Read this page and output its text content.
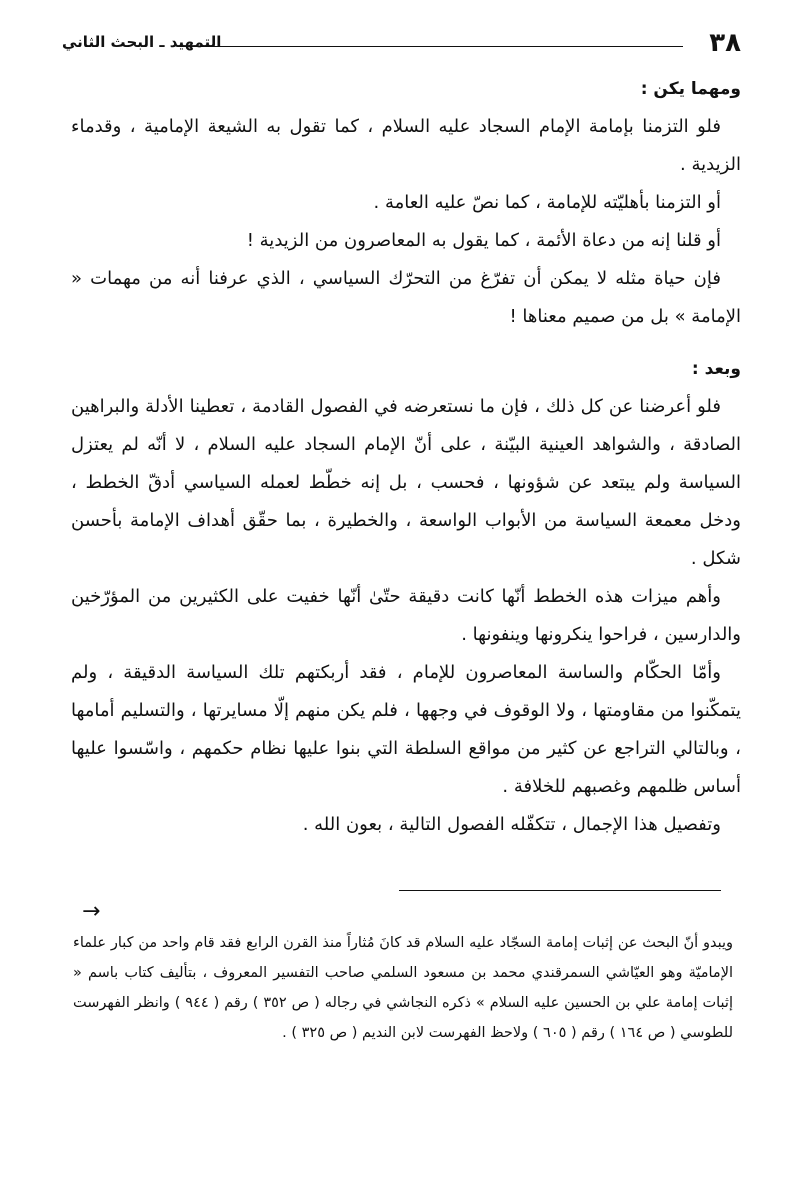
٣٨
التمهيد ـ البحث الثاني

ومهما يكن :

فلو التزمنا بإمامة الإمام السجاد عليه السلام ، كما تقول به الشيعة الإمامية ، وقدماء الزيدية .

أو التزمنا بأهليّته للإمامة ، كما نصّ عليه العامة .

أو قلنا إنه من دعاة الأئمة ، كما يقول به المعاصرون من الزيدية !

فإن حياة مثله لا يمكن أن تفرّغ من التحرّك السياسي ، الذي عرفنا أنه من مهمات « الإمامة » بل من صميم معناها !

وبعد :

فلو أعرضنا عن كل ذلك ، فإن ما نستعرضه في الفصول القادمة ، تعطينا الأدلة والبراهين الصادقة ، والشواهد العينية البيّنة ، على أنّ الإمام السجاد عليه السلام ، لا أنّه لم يعتزل السياسة ولم يبتعد عن شؤونها ، فحسب ، بل إنه خطّط لعمله السياسي أدقّ الخطط ، ودخل معمعة السياسة من الأبواب الواسعة ، والخطيرة ، بما حقّق أهداف الإمامة بأحسن شكل .

وأهم ميزات هذه الخطط أنّها كانت دقيقة حتّىٰ أنّها خفيت على الكثيرين من المؤرّخين والدارسين ، فراحوا ينكرونها وينفونها .

وأمّا الحكّام والساسة المعاصرون للإمام ، فقد أربكتهم تلك السياسة الدقيقة ، ولم يتمكّنوا من مقاومتها ، ولا الوقوف في وجهها ، فلم يكن منهم إلّا مسايرتها ، والتسليم أمامها ، وبالتالي التراجع عن كثير من مواقع السلطة التي بنوا عليها نظام حكمهم ، واسّسوا عليها أساس ظلمهم وغصبهم للخلافة .

وتفصيل هذا الإجمال ، تتكفّله الفصول التالية ، بعون الله .

→

ويبدو أنّ البحث عن إثبات إمامة السجّاد عليه السلام قد كانَ مُثاراً منذ القرن الرابع فقد قام واحد من كبار علماء الإماميّة وهو العيّاشي السمرقندي محمد بن مسعود السلمي صاحب التفسير المعروف ، بتأليف كتاب باسم « إثبات إمامة علي بن الحسين عليه السلام » ذكره النجاشي في رجاله ( ص ٣٥٢ ) رقم ( ٩٤٤ ) وانظر الفهرست للطوسي ( ص ١٦٤ ) رقم ( ٦٠٥ ) ولاحظ الفهرست لابن النديم ( ص ٣٢٥ ) .
